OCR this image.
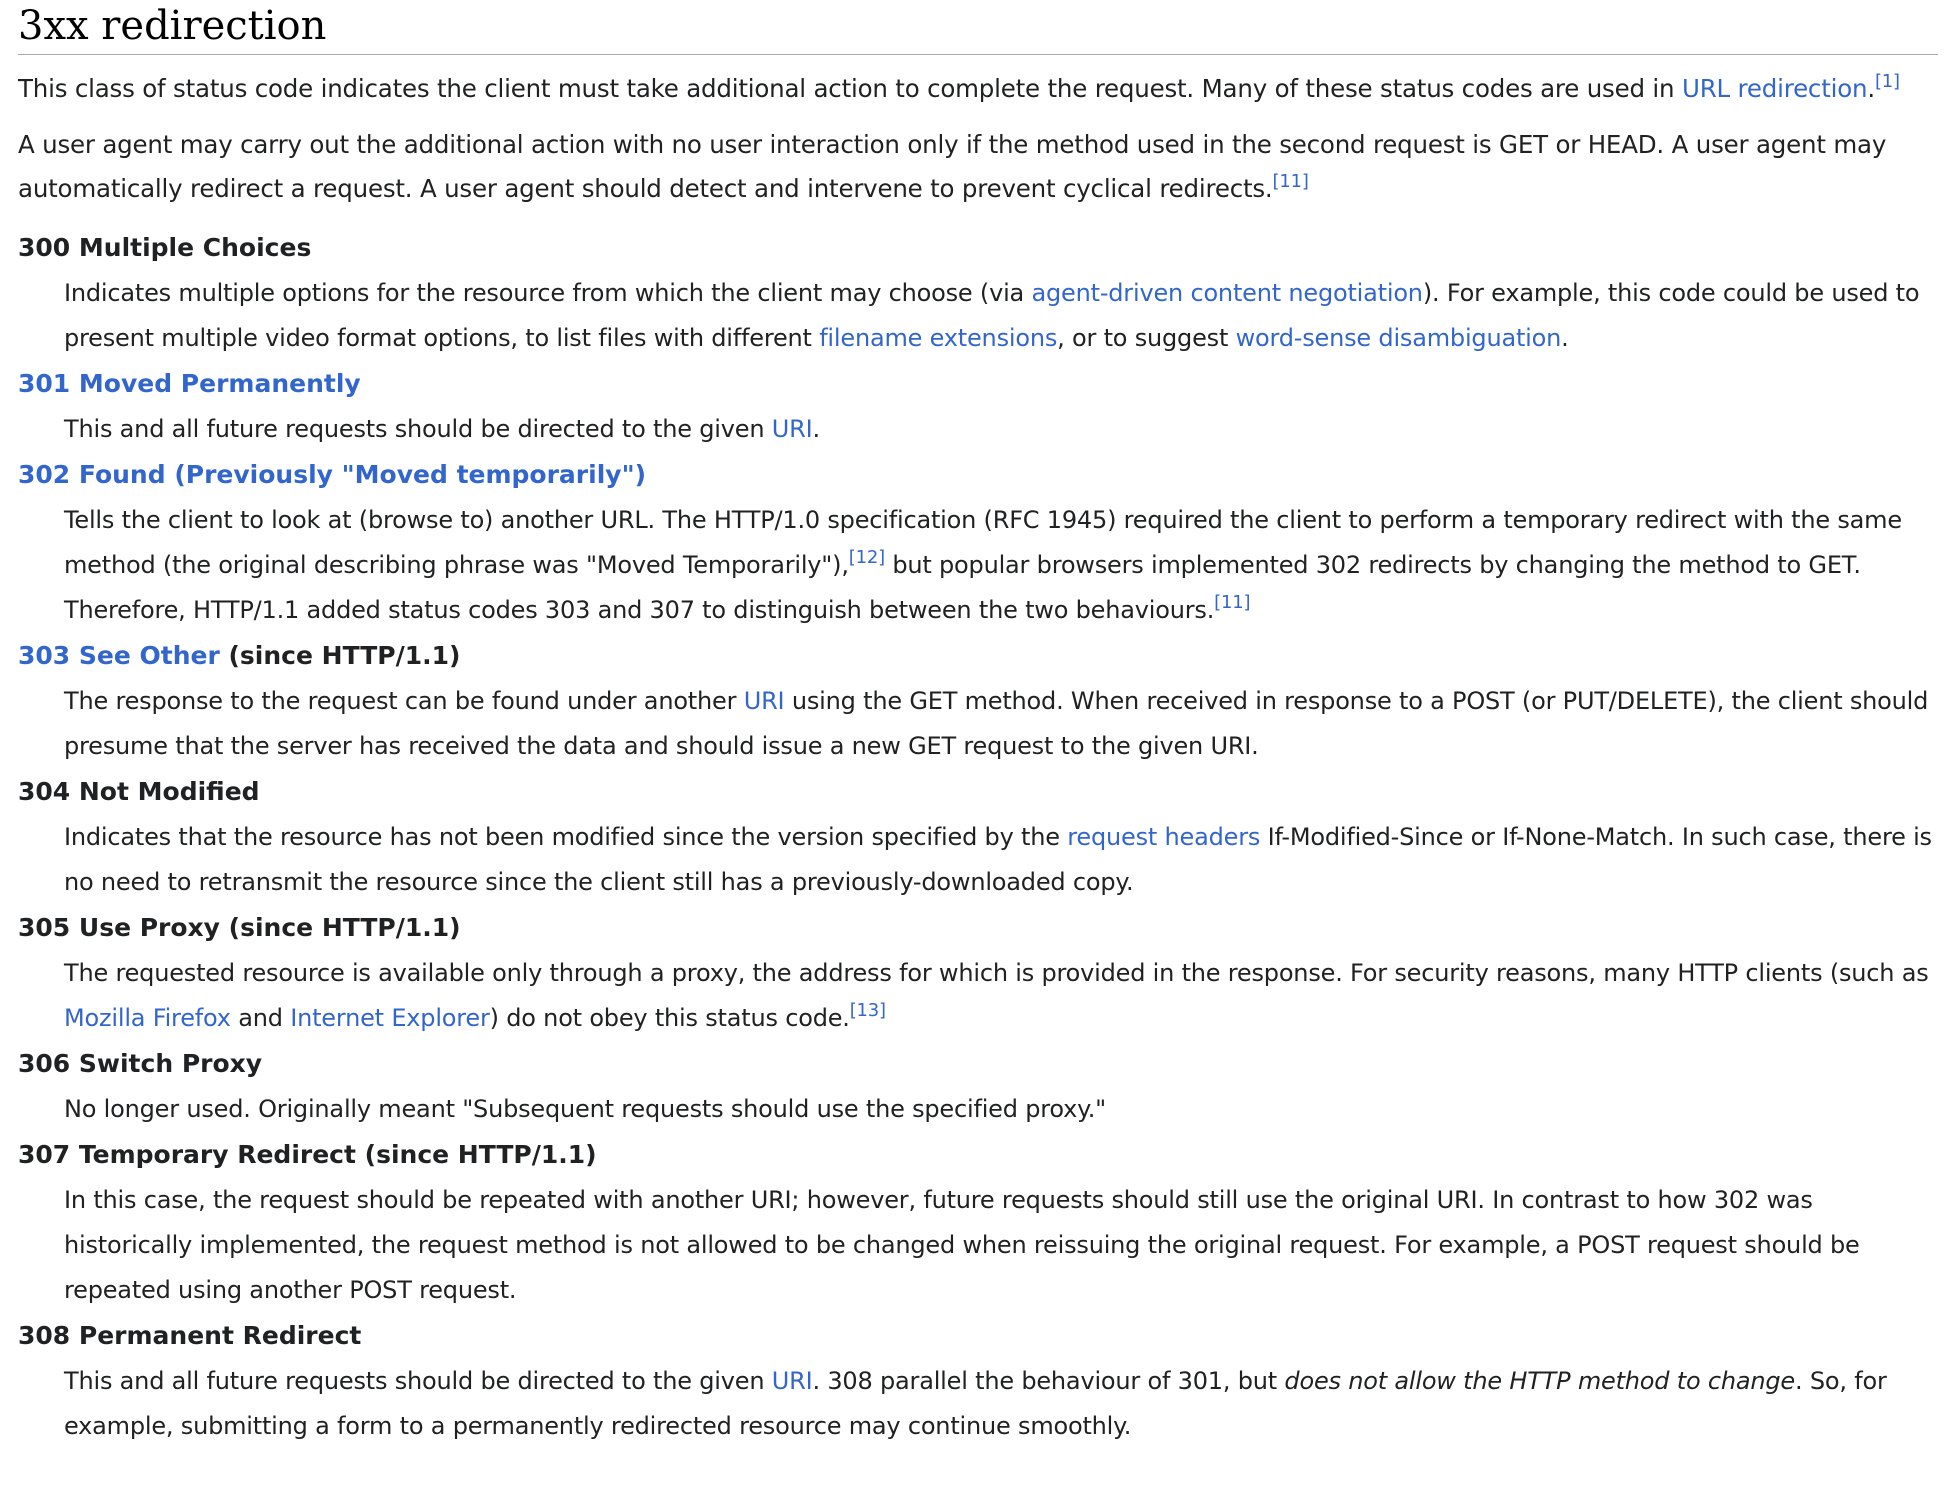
3xx redirection

This class of status code indicates the client must take additional action to complete the request. Many of these status codes are used in URL redirection.[1]

A user agent may carry out the additional action with no user interaction only if the method used in the second request is GET or HEAD. A user agent may automatically redirect a request. A user agent should detect and intervene to prevent cyclical redirects.[11]

300 Multiple Choices
Indicates multiple options for the resource from which the client may choose (via agent-driven content negotiation). For example, this code could be used to present multiple video format options, to list files with different filename extensions, or to suggest word-sense disambiguation.
301 Moved Permanently
This and all future requests should be directed to the given URI.
302 Found (Previously "Moved temporarily")
Tells the client to look at (browse to) another URL. The HTTP/1.0 specification (RFC 1945) required the client to perform a temporary redirect with the same method (the original describing phrase was "Moved Temporarily"),[12] but popular browsers implemented 302 redirects by changing the method to GET. Therefore, HTTP/1.1 added status codes 303 and 307 to distinguish between the two behaviours.[11]
303 See Other (since HTTP/1.1)
The response to the request can be found under another URI using the GET method. When received in response to a POST (or PUT/DELETE), the client should presume that the server has received the data and should issue a new GET request to the given URI.
304 Not Modified
Indicates that the resource has not been modified since the version specified by the request headers If-Modified-Since or If-None-Match. In such case, there is no need to retransmit the resource since the client still has a previously-downloaded copy.
305 Use Proxy (since HTTP/1.1)
The requested resource is available only through a proxy, the address for which is provided in the response. For security reasons, many HTTP clients (such as Mozilla Firefox and Internet Explorer) do not obey this status code.[13]
306 Switch Proxy
No longer used. Originally meant "Subsequent requests should use the specified proxy."
307 Temporary Redirect (since HTTP/1.1)
In this case, the request should be repeated with another URI; however, future requests should still use the original URI. In contrast to how 302 was historically implemented, the request method is not allowed to be changed when reissuing the original request. For example, a POST request should be repeated using another POST request.
308 Permanent Redirect
This and all future requests should be directed to the given URI. 308 parallel the behaviour of 301, but does not allow the HTTP method to change. So, for example, submitting a form to a permanently redirected resource may continue smoothly.
